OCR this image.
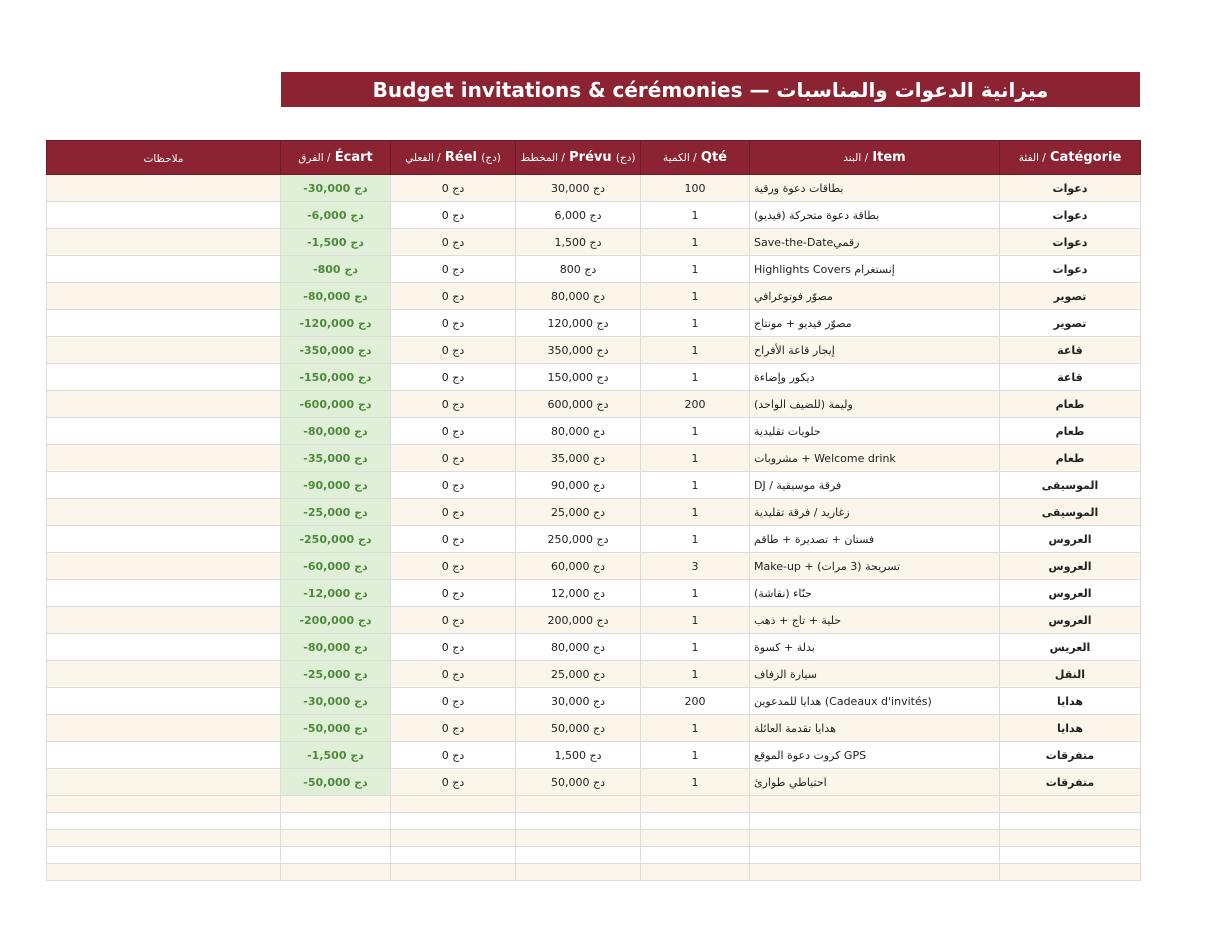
Budget invitations & cérémonies — ميزانية الدعوات والمناسبات
ملاحظات	الفرق / Écart	الفعلي / Réel (دج)	المخطط / Prévu (دج)	الكمية / Qté	البند / Item	الفئة / Catégorie
	-30,000 دج	0 دج	30,000 دج	100	بطاقات دعوة ورقية	دعوات
	-6,000 دج	0 دج	6,000 دج	1	بطاقة دعوة متحركة (فيديو)	دعوات
	-1,500 دج	0 دج	1,500 دج	1	Save-the-Dateرقمي	دعوات
	-800 دج	0 دج	800 دج	1	Highlights Covers إنستغرام	دعوات
	-80,000 دج	0 دج	80,000 دج	1	مصوّر فوتوغرافي	تصوير
	-120,000 دج	0 دج	120,000 دج	1	مصوّر فيديو + مونتاج	تصوير
	-350,000 دج	0 دج	350,000 دج	1	إيجار قاعة الأفراح	قاعة
	-150,000 دج	0 دج	150,000 دج	1	ديكور وإضاءة	قاعة
	-600,000 دج	0 دج	600,000 دج	200	وليمة (للضيف الواحد)	طعام
	-80,000 دج	0 دج	80,000 دج	1	حلويات تقليدية	طعام
	-35,000 دج	0 دج	35,000 دج	1	مشروبات + Welcome drink	طعام
	-90,000 دج	0 دج	90,000 دج	1	DJ / فرقة موسيقية	الموسيقى
	-25,000 دج	0 دج	25,000 دج	1	زغاريد / فرقة تقليدية	الموسيقى
	-250,000 دج	0 دج	250,000 دج	1	فستان + تصديرة + طاقم	العروس
	-60,000 دج	0 دج	60,000 دج	3	Make-up + تسريحة (3 مرات)	العروس
	-12,000 دج	0 دج	12,000 دج	1	حنّاء (نقاشة)	العروس
	-200,000 دج	0 دج	200,000 دج	1	حلية + تاج + ذهب	العروس
	-80,000 دج	0 دج	80,000 دج	1	بدلة + كسوة	العريس
	-25,000 دج	0 دج	25,000 دج	1	سيارة الزفاف	النقل
	-30,000 دج	0 دج	30,000 دج	200	هدايا للمدعوين (Cadeaux d'invités)	هدايا
	-50,000 دج	0 دج	50,000 دج	1	هدايا تقدمة العائلة	هدايا
	-1,500 دج	0 دج	1,500 دج	1	كروت دعوة الموقع GPS	متفرقات
	-50,000 دج	0 دج	50,000 دج	1	احتياطي طوارئ	متفرقات
